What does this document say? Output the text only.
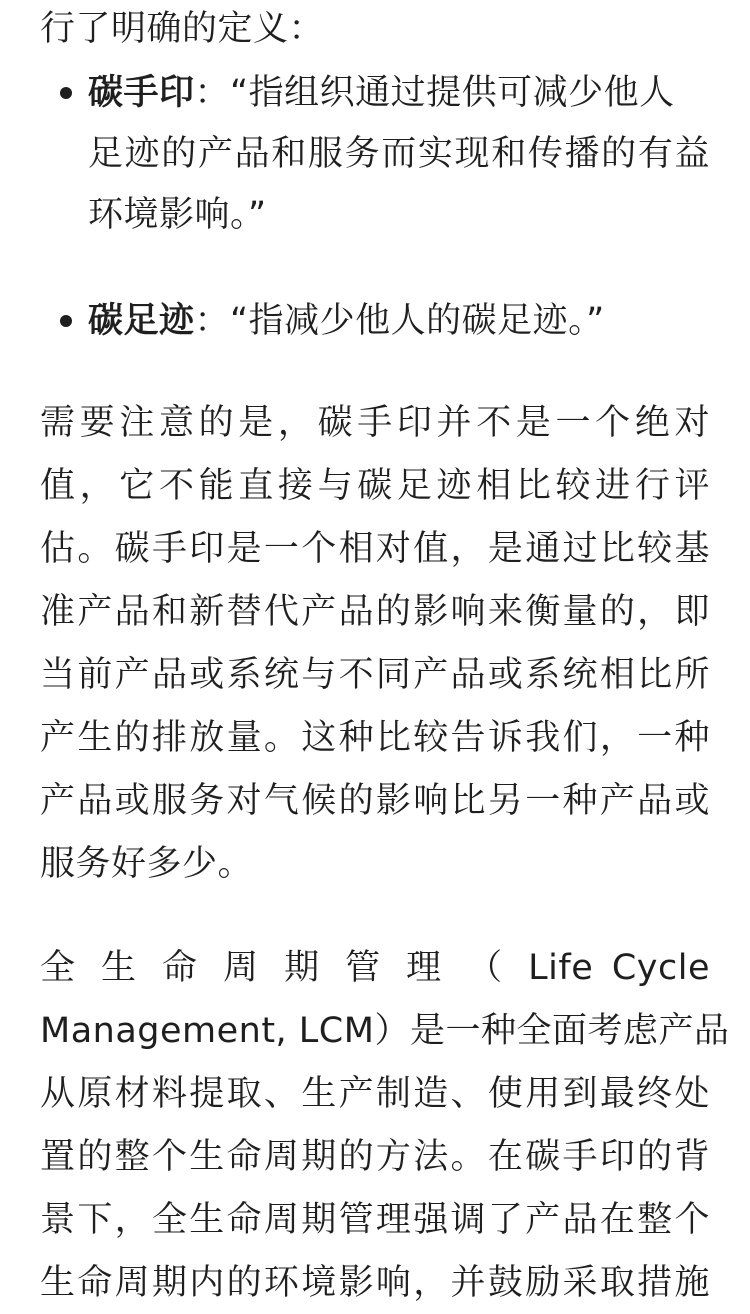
行了明确的定义：

碳手印：“指组织通过提供可减少他人

足迹的产品和服务而实现和传播的有益

环境影响。”

碳足迹：“指减少他人的碳足迹。”

需要注意的是，碳手印并不是一个绝对

值，它不能直接与碳足迹相比较进行评

估。碳手印是一个相对值，是通过比较基

准产品和新替代产品的影响来衡量的，即

当前产品或系统与不同产品或系统相比所

产生的排放量。这种比较告诉我们，一种

产品或服务对气候的影响比另一种产品或

服务好多少。

全 生 命 周 期 管 理 （ Life Cycle

Management, LCM）是一种全面考虑产品

从原材料提取、生产制造、使用到最终处

置的整个生命周期的方法。在碳手印的背

景下，全生命周期管理强调了产品在整个

生命周期内的环境影响，并鼓励采取措施
